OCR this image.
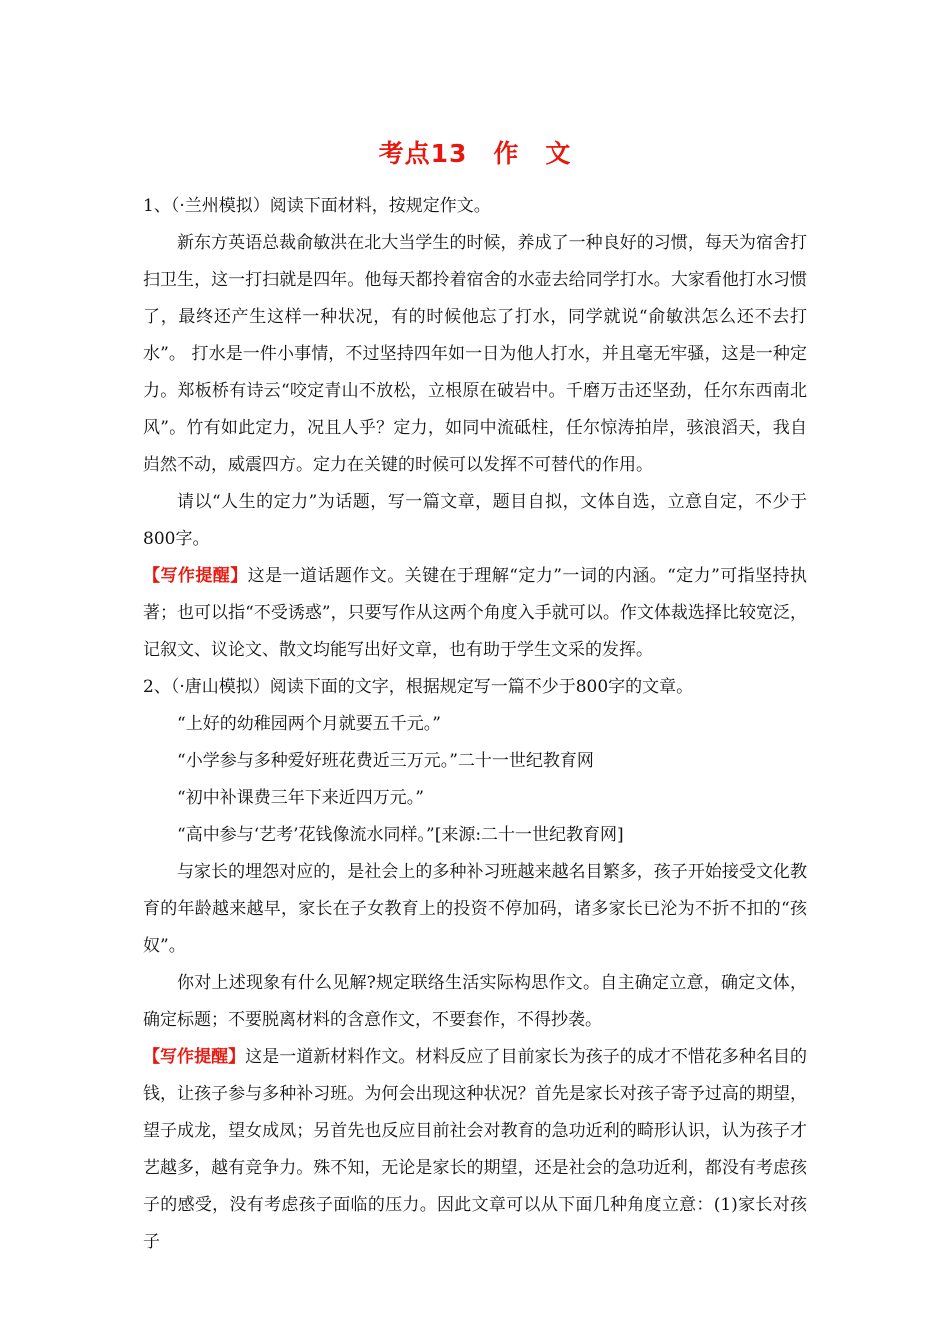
考点13　作　文

1、（·兰州模拟）阅读下面材料，按规定作文。

新东方英语总裁俞敏洪在北大当学生的时候，养成了一种良好的习惯，每天为宿舍打扫卫生，这一打扫就是四年。他每天都拎着宿舍的水壶去给同学打水。大家看他打水习惯了，最终还产生这样一种状况，有的时候他忘了打水，同学就说“俞敏洪怎么还不去打水”。 打水是一件小事情，不过坚持四年如一日为他人打水，并且毫无牢骚，这是一种定力。郑板桥有诗云“咬定青山不放松，立根原在破岩中。千磨万击还坚劲，任尔东西南北风”。竹有如此定力，况且人乎？定力，如同中流砥柱，任尔惊涛拍岸，骇浪滔天，我自岿然不动，威震四方。定力在关键的时候可以发挥不可替代的作用。

请以“人生的定力”为话题，写一篇文章，题目自拟，文体自选，立意自定，不少于800字。

【写作提醒】这是一道话题作文。关键在于理解“定力”一词的内涵。“定力”可指坚持执著；也可以指“不受诱惑”，只要写作从这两个角度入手就可以。作文体裁选择比较宽泛，记叙文、议论文、散文均能写出好文章，也有助于学生文采的发挥。

2、（·唐山模拟）阅读下面的文字，根据规定写一篇不少于800字的文章。

“上好的幼稚园两个月就要五千元。”

“小学参与多种爱好班花费近三万元。”二十一世纪教育网

“初中补课费三年下来近四万元。”

“高中参与‘艺考’花钱像流水同样。”[来源:二十一世纪教育网]

与家长的埋怨对应的，是社会上的多种补习班越来越名目繁多，孩子开始接受文化教育的年龄越来越早，家长在子女教育上的投资不停加码，诸多家长已沦为不折不扣的“孩奴”。

你对上述现象有什么见解?规定联络生活实际构思作文。自主确定立意，确定文体，确定标题；不要脱离材料的含意作文，不要套作，不得抄袭。

【写作提醒】这是一道新材料作文。材料反应了目前家长为孩子的成才不惜花多种名目的钱，让孩子参与多种补习班。为何会出现这种状况？首先是家长对孩子寄予过高的期望，望子成龙，望女成凤；另首先也反应目前社会对教育的急功近利的畸形认识，认为孩子才艺越多，越有竞争力。殊不知，无论是家长的期望，还是社会的急功近利，都没有考虑孩子的感受，没有考虑孩子面临的压力。因此文章可以从下面几种角度立意：(1)家长对孩子
